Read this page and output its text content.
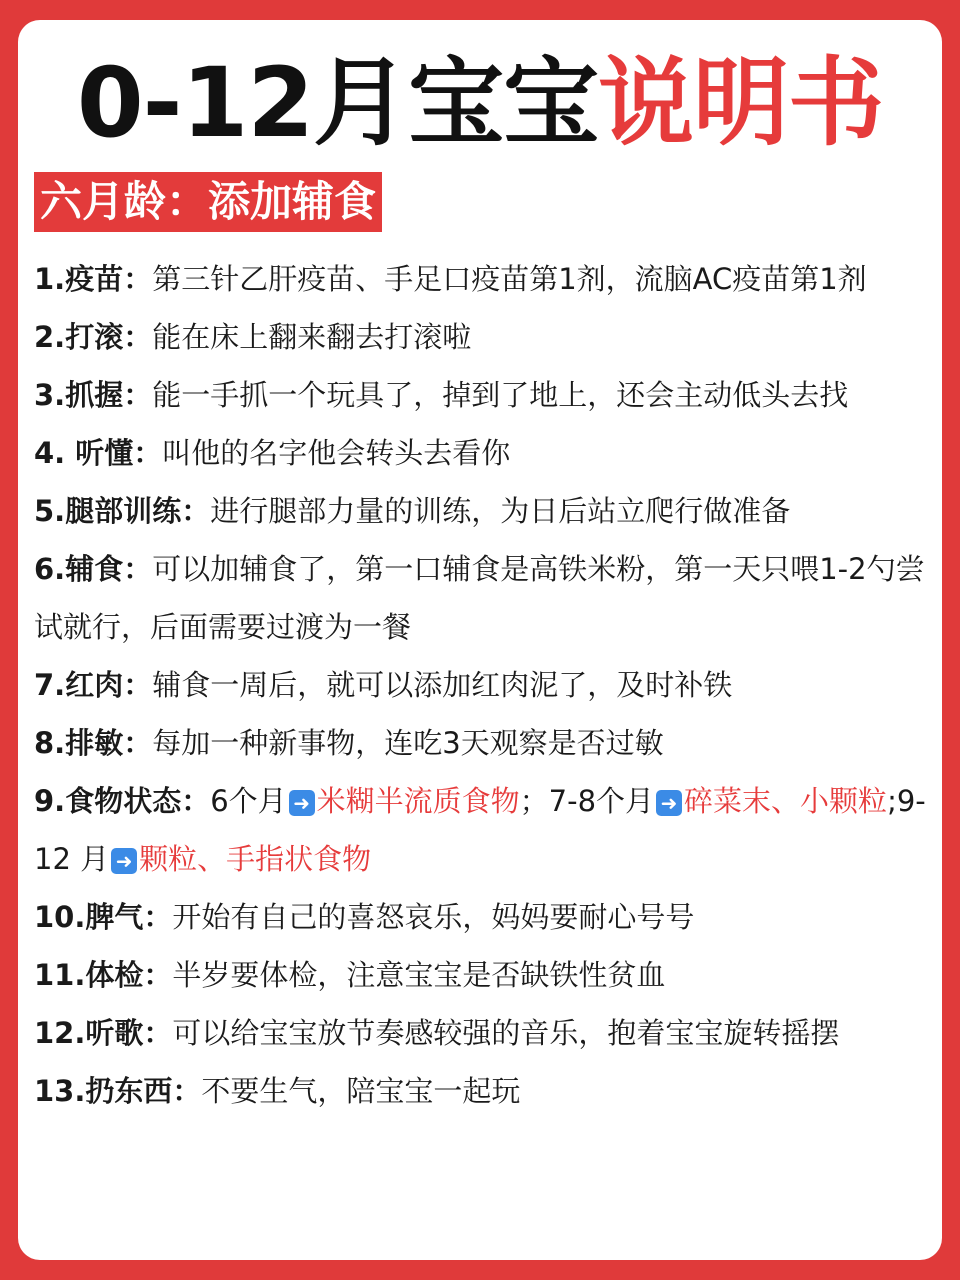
0-12月宝宝说明书
六月龄：添加辅食
1.疫苗：第三针乙肝疫苗、手足口疫苗第1剂，流脑AC疫苗第1剂
2.打滚：能在床上翻来翻去打滚啦
3.抓握：能一手抓一个玩具了，掉到了地上，还会主动低头去找
4. 听懂：叫他的名字他会转头去看你
5.腿部训练：进行腿部力量的训练，为日后站立爬行做准备
6.辅食：可以加辅食了，第一口辅食是高铁米粉，第一天只喂1-2勺尝试就行，后面需要过渡为一餐
7.红肉：辅食一周后，就可以添加红肉泥了，及时补铁
8.排敏：每加一种新事物，连吃3天观察是否过敏
9.食物状态：6个月 ➜ 米糊半流质食物；7-8个月 ➜ 碎菜末、小颗粒;9-12 月 ➜ 颗粒、手指状食物
10.脾气：开始有自己的喜怒哀乐，妈妈要耐心号号
11.体检：半岁要体检，注意宝宝是否缺铁性贫血
12.听歌：可以给宝宝放节奏感较强的音乐，抱着宝宝旋转摇摆
13.扔东西：不要生气，陪宝宝一起玩
